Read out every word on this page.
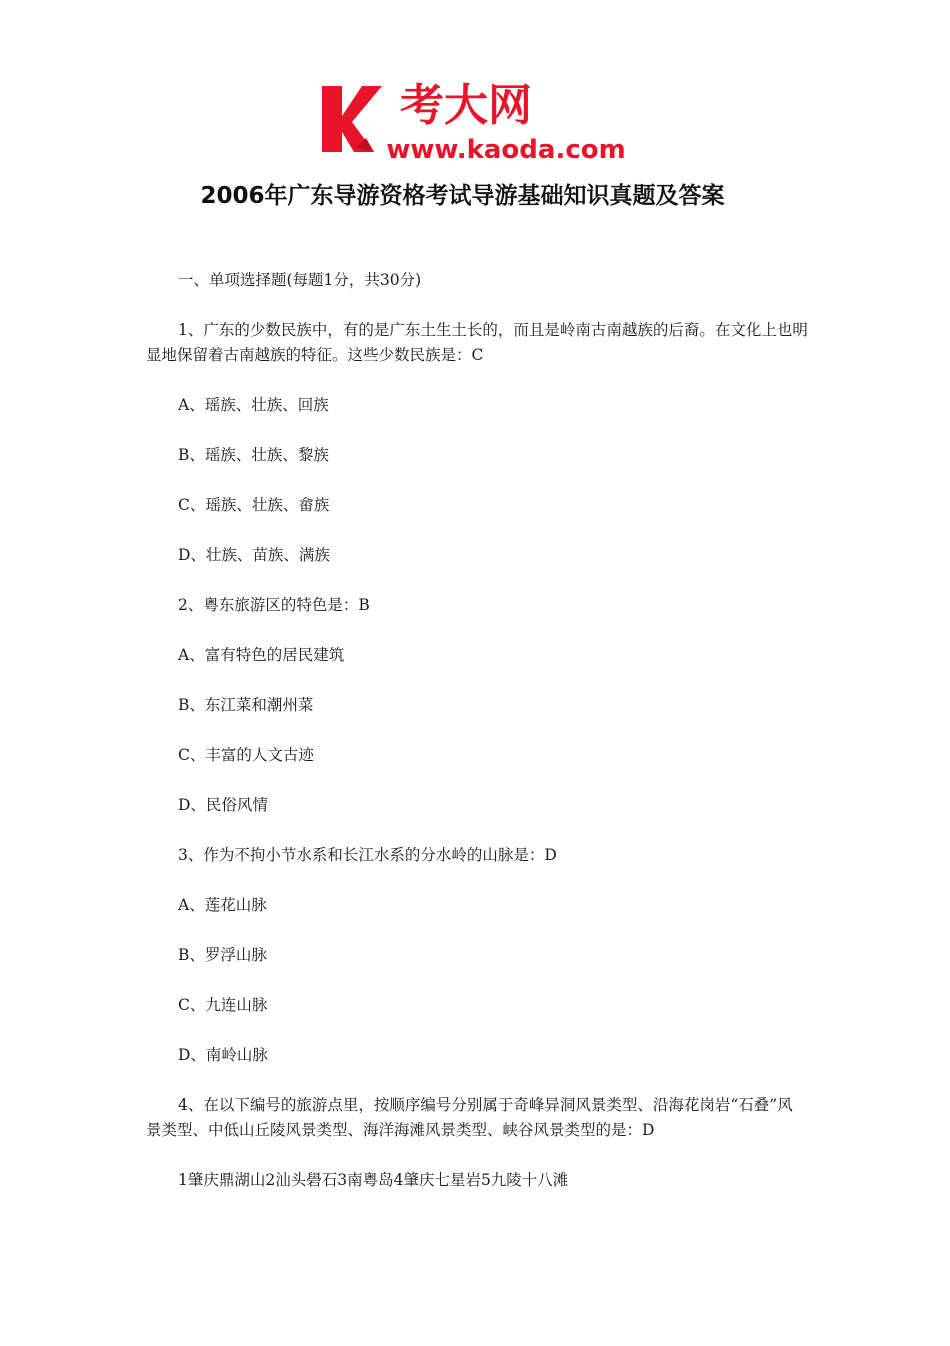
考大网
www.kaoda.com
2006年广东导游资格考试导游基础知识真题及答案

一、单项选择题(每题1分，共30分)

1、广东的少数民族中，有的是广东土生土长的，而且是岭南古南越族的后裔。在文化上也明显地保留着古南越族的特征。这些少数民族是：C

A、瑶族、壮族、回族

B、瑶族、壮族、黎族

C、瑶族、壮族、畲族

D、壮族、苗族、满族

2、粤东旅游区的特色是：B

A、富有特色的居民建筑

B、东江菜和潮州菜

C、丰富的人文古迹

D、民俗风情

3、作为不拘小节水系和长江水系的分水岭的山脉是：D

A、莲花山脉

B、罗浮山脉

C、九连山脉

D、南岭山脉

4、在以下编号的旅游点里，按顺序编号分别属于奇峰异洞风景类型、沿海花岗岩“石叠”风景类型、中低山丘陵风景类型、海洋海滩风景类型、峡谷风景类型的是：D

1肇庆鼎湖山2汕头礐石3南粤岛4肇庆七星岩5九陵十八滩
